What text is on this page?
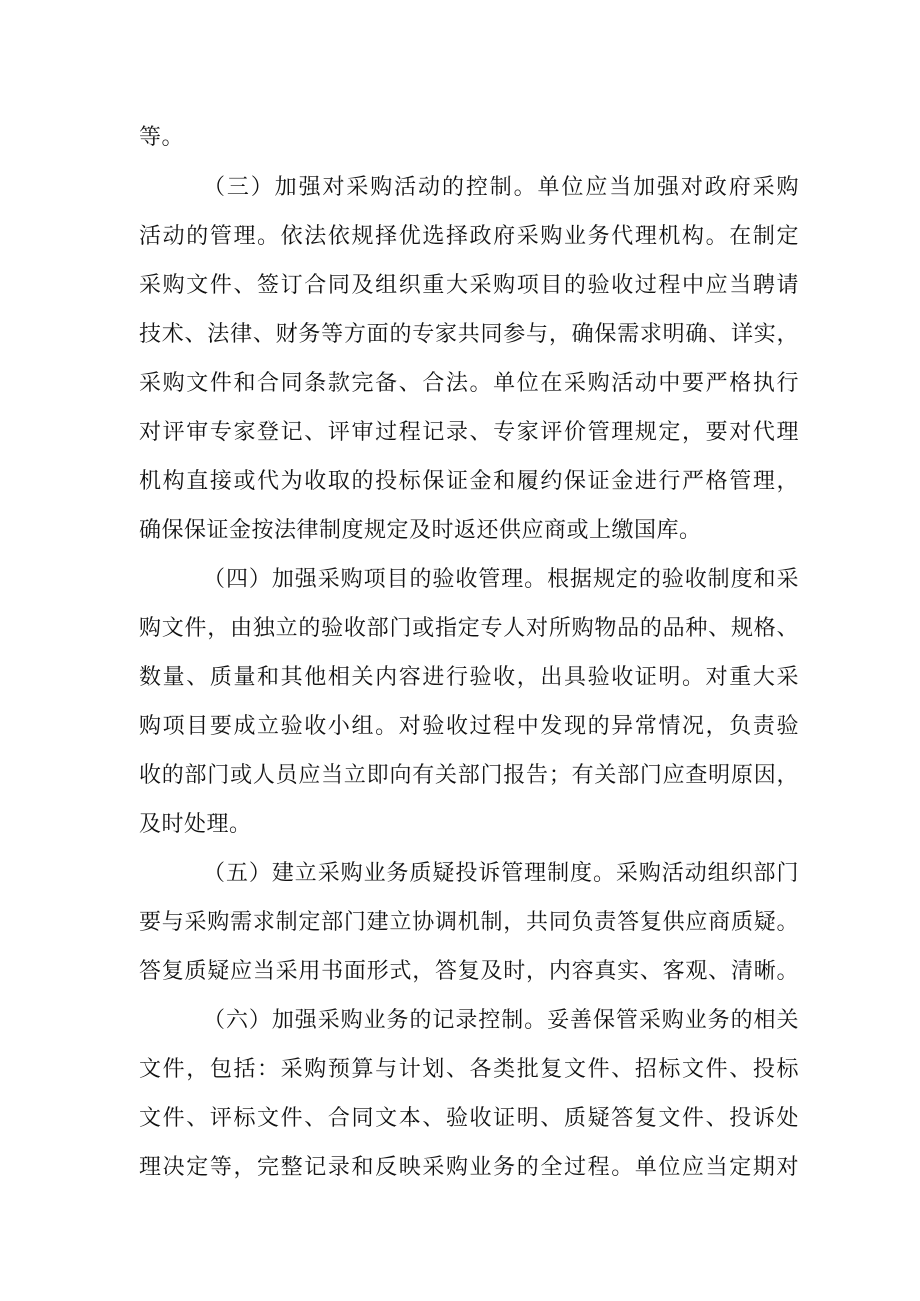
等。
（三）加强对采购活动的控制。单位应当加强对政府采购
活动的管理。依法依规择优选择政府采购业务代理机构。在制定
采购文件、签订合同及组织重大采购项目的验收过程中应当聘请
技术、法律、财务等方面的专家共同参与，确保需求明确、详实，
采购文件和合同条款完备、合法。单位在采购活动中要严格执行
对评审专家登记、评审过程记录、专家评价管理规定，要对代理
机构直接或代为收取的投标保证金和履约保证金进行严格管理，
确保保证金按法律制度规定及时返还供应商或上缴国库。
（四）加强采购项目的验收管理。根据规定的验收制度和采
购文件，由独立的验收部门或指定专人对所购物品的品种、规格、
数量、质量和其他相关内容进行验收，出具验收证明。对重大采
购项目要成立验收小组。对验收过程中发现的异常情况，负责验
收的部门或人员应当立即向有关部门报告；有关部门应查明原因，
及时处理。
（五）建立采购业务质疑投诉管理制度。采购活动组织部门
要与采购需求制定部门建立协调机制，共同负责答复供应商质疑。
答复质疑应当采用书面形式，答复及时，内容真实、客观、清晰。
（六）加强采购业务的记录控制。妥善保管采购业务的相关
文件，包括：采购预算与计划、各类批复文件、招标文件、投标
文件、评标文件、合同文本、验收证明、质疑答复文件、投诉处
理决定等，完整记录和反映采购业务的全过程。单位应当定期对
